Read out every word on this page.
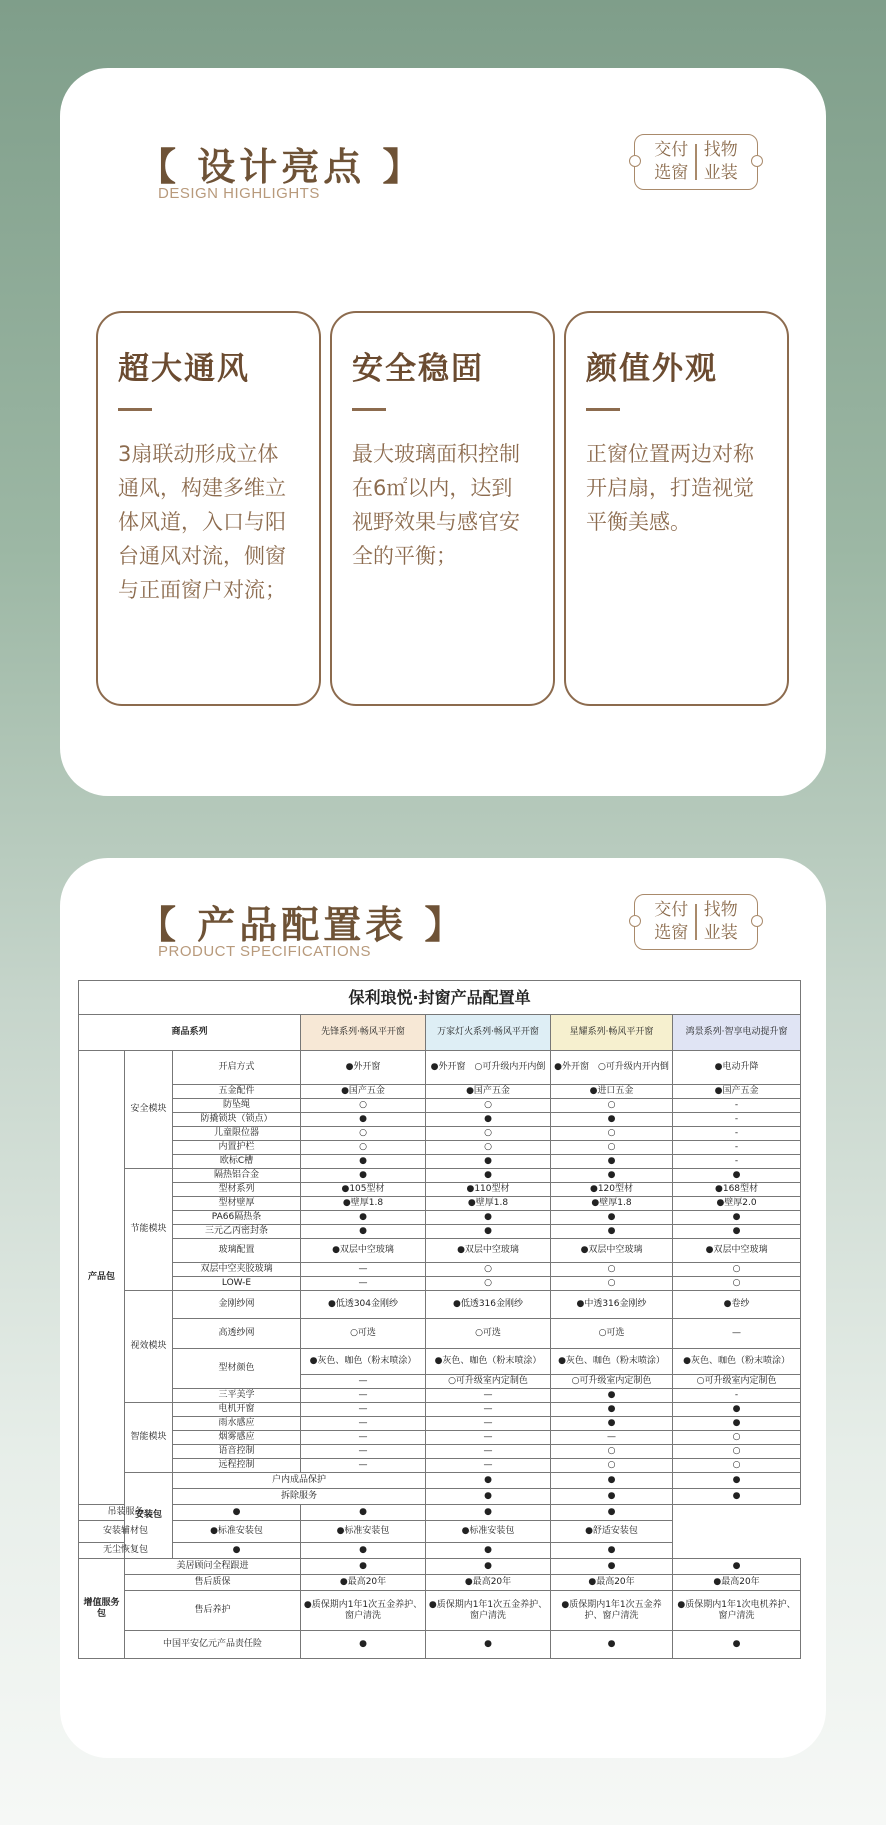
【 设计亮点 】
DESIGN HIGHLIGHTS
交付
选窗
找物
业装
超大通风
3扇联动形成立体通风，构建多维立体风道，入口与阳台通风对流，侧窗与正面窗户对流；
安全稳固
最大玻璃面积控制在6㎡以内，达到视野效果与感官安全的平衡；
颜值外观
正窗位置两边对称开启扇，打造视觉平衡美感。
【 产品配置表 】
PRODUCT SPECIFICATIONS
交付
选窗
找物
业装
保利琅悦·封窗产品配置单							
商品系列			先锋系列·畅风平开窗	万家灯火系列·畅风平开窗	星耀系列·畅风平开窗	鸿景系列·智享电动提升窗	
产品包	安全模块	开启方式	●外开窗	●外开窗　○可升级内开内倒	●外开窗　○可升级内开内倒	●电动升降	
		五金配件	●国产五金	●国产五金	●进口五金	●国产五金	
		防坠绳	○	○	○	-	
		防撬锁块（锁点）	●	●	●	-	
		儿童限位器	○	○	○	-	
		内置护栏	○	○	○	-	
		欧标C槽	●	●	●	-	
	节能模块	隔热铝合金	●	●	●	●	
		型材系列	●105型材	●110型材	●120型材	●168型材	
		型材壁厚	●壁厚1.8	●壁厚1.8	●壁厚1.8	●壁厚2.0	
		PA66隔热条	●	●	●	●	
		三元乙丙密封条	●	●	●	●	
		玻璃配置	●双层中空玻璃	●双层中空玻璃	●双层中空玻璃	●双层中空玻璃	
		双层中空夹胶玻璃	—	○	○	○	
		LOW-E	—	○	○	○	
	视效模块	金刚纱网	●低透304金刚纱	●低透316金刚纱	●中透316金刚纱	●卷纱	
		高透纱网	○可选	○可选	○可选	—	
		型材颜色	●灰色、咖色（粉末喷涂）	●灰色、咖色（粉末喷涂）	●灰色、咖色（粉末喷涂）	●灰色、咖色（粉末喷涂）	
			—	○可升级室内定制色	○可升级室内定制色	○可升级室内定制色	
		三平美学	—	—	●	-	
	智能模块	电机开窗	—	—	●	●	
		雨水感应	—	—	●	●	
		烟雾感应	—	—	—	○	
		语音控制	—	—	○	○	
		远程控制	—	—	○	○	
	安装包	户内成品保护		●	●	●	
		拆除服务		●	●	●	
吊装服务		●	●	●	●		
安装辅材包		●标准安装包	●标准安装包	●标准安装包	●舒适安装包		
无尘恢复包		●	●	●	●		
增值服务包	美居顾问全程跟进		●	●	●	●	
	售后质保		●最高20年	●最高20年	●最高20年	●最高20年	
	售后养护		●质保期内1年1次五金养护、窗户清洗	●质保期内1年1次五金养护、窗户清洗	●质保期内1年1次五金养护、窗户清洗	●质保期内1年1次电机养护、窗户清洗	
	中国平安亿元产品责任险		●	●	●	●	
